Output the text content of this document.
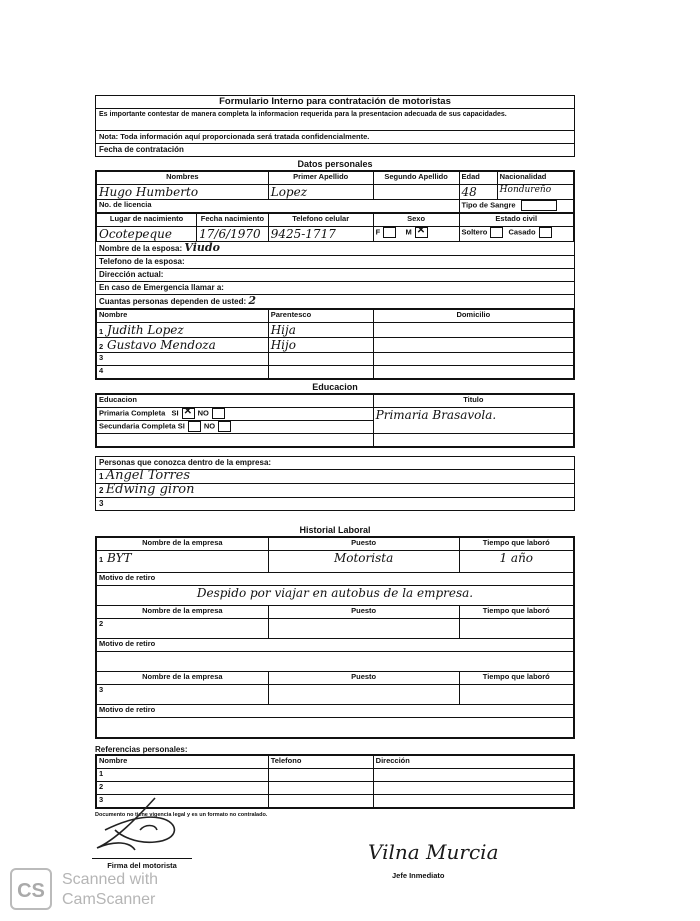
Formulario Interno para contratación de motoristas
Es importante contestar de manera completa la informacion requerida para la presentacion adecuada de sus capacidades.
Nota: Toda información aquí proporcionada será tratada confidencialmente.
Fecha de contratación
Datos personales
Nombres	Primer Apellido	Segundo Apellido	Edad	Nacionalidad
Hugo Humberto	Lopez		48	Hondureño
No. de licencia			Tipo de Sangre	
Lugar de nacimiento	Fecha nacimiento	Telefono celular	Sexo	Estado civil
Ocotepeque	17/6/1970	9425-1717	F M✕	Soltero Casado
Nombre de la esposa: Viudo
Telefono de la esposa:
Dirección actual:
En caso de Emergencia llamar a:
Cuantas personas dependen de usted: 2
Nombre	Parentesco	Domicilio
1 Judith Lopez	Hija	
2 Gustavo Mendoza	Hijo	
3		
4		
Educacion
Educacion	Titulo
Primaria Completa SI ✕ NO	Primaria Brasavola.
Secundaria Completa SI NO	

Personas que conozca dentro de la empresa:
1 Angel Torres
2 Edwing giron
3
Historial Laboral
Nombre de la empresa	Puesto	Tiempo que laboró
1 BYT	Motorista	1 año
Motivo de retiro		
Despido por viajar en autobus de la empresa.		
Nombre de la empresa	Puesto	Tiempo que laboró
2		
Motivo de retiro		

Nombre de la empresa	Puesto	Tiempo que laboró
3		
Motivo de retiro		

Referencias personales:
Nombre	Telefono	Dirección
1		
2		
3		
Documento no tiene vigencia legal y es un formato no contralado.
Firma del motorista
Vilna Murcia
Jefe Inmediato
CS
Scanned with
CamScanner
